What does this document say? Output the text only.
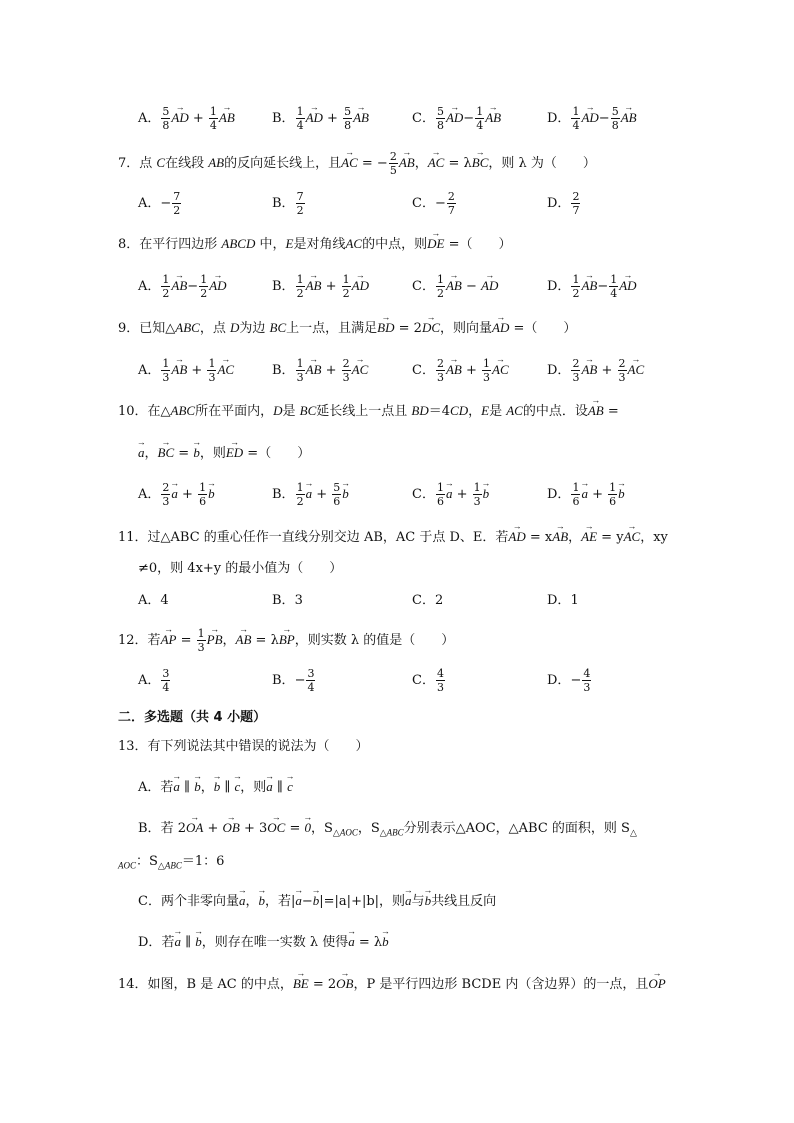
A． $\frac{5}{8}$
→ AD + $\frac{1}{4}$
→ AB	B． $\frac{1}{4}$
→ AD + $\frac{5}{8}$
→ AB	C． $\frac{5}{8}$
→ $AD- \frac{1}{4}$
→ AB	D． $\frac{1}{4}$
→ $AD- \frac{5}{8}$
→ AB
7．点 C在线段 AB的反向延长线上，且→ AC = − $\frac{2}{5}$
→ AB，→ AC = λ→ BC，则 λ 为（　　）
A．− $\frac{7}{2}$	B． $\frac{7}{2}$	C．− $\frac{2}{7}$	D． $\frac{2}{7}$
8．在平行四边形 ABCD 中，E是对角线AC的中点，则→ DE =（　　）
A． $\frac{1}{2}$
→ $AB- \frac{1}{2}$
→ AD	B． $\frac{1}{2}$
→ AB + $\frac{1}{2}$
→ AD	C． $\frac{1}{2}$
→ AB − → AD	D． $\frac{1}{2}$
→ $AB- \frac{1}{4}$
→ AD
9．已知△ABC，点 D为边 BC上一点，且满足→ BD = 2→ DC，则向量→ AD =（　　）
A． $\frac{1}{3}$
→ AB + $\frac{1}{3}$
→ AC	B． $\frac{1}{3}$
→ AB + $\frac{2}{3}$
→ AC	C． $\frac{2}{3}$
→ AB + $\frac{1}{3}$
→ AC	D． $\frac{2}{3}$
→ AB + $\frac{2}{3}$
→ AC
10．在△ABC所在平面内，D是 BC延长线上一点且 BD＝4CD，E是 AC的中点．设→ AB =
→ a，→ BC = → b，则→ ED =（　　）
A． $\frac{2}{3}$
→ $a + \frac{1}{6}$
→ b	B． $\frac{1}{2}$
→ $a + \frac{5}{6}$
→ b	C． $\frac{1}{6}$
→ $a + \frac{1}{3}$
→ b	D． $\frac{1}{6}$
→ $a + \frac{1}{6}$
→ b
11．过△ABC 的重心任作一直线分别交边 AB，AC 于点 D、E．若→ AD = x→ AB，→ AE = y→ AC，xy
≠0，则 4x+y 的最小值为（　　）
A．4	B．3	C．2	D．1
12．若→ AP = $\frac{1}{3}$
→ PB，→ AB = λ→ BP，则实数 λ 的值是（　　）
A． $\frac{3}{4}$	B．− $\frac{3}{4}$	C． $\frac{4}{3}$	D．− $\frac{4}{3}$
二．多选题（共 4 小题）
13．有下列说法其中错误的说法为（　　）
A．若→ a ∥ → b，→ b ∥ → c，则→ a ∥ → c
B．若 2→ OA + → OB + 3→ OC = → 0，$S_{\triangle AOC}$，$S_{\triangle ABC}$分别表示△AOC，△ABC 的面积，则 $S_\triangle$
$_{AOC}$：$S_{\triangle ABC}=1$：6
C．两个非零向量→ a，→ b，若|→ a−→ b|=|a|+|b|，则→ a与→ b共线且反向
D．若→ a ∥ → b，则存在唯一实数 λ 使得→ a = λ→ b
14．如图，B 是 AC 的中点，→ BE = 2→ OB，P 是平行四边形 BCDE 内（含边界）的一点，且→ OP
